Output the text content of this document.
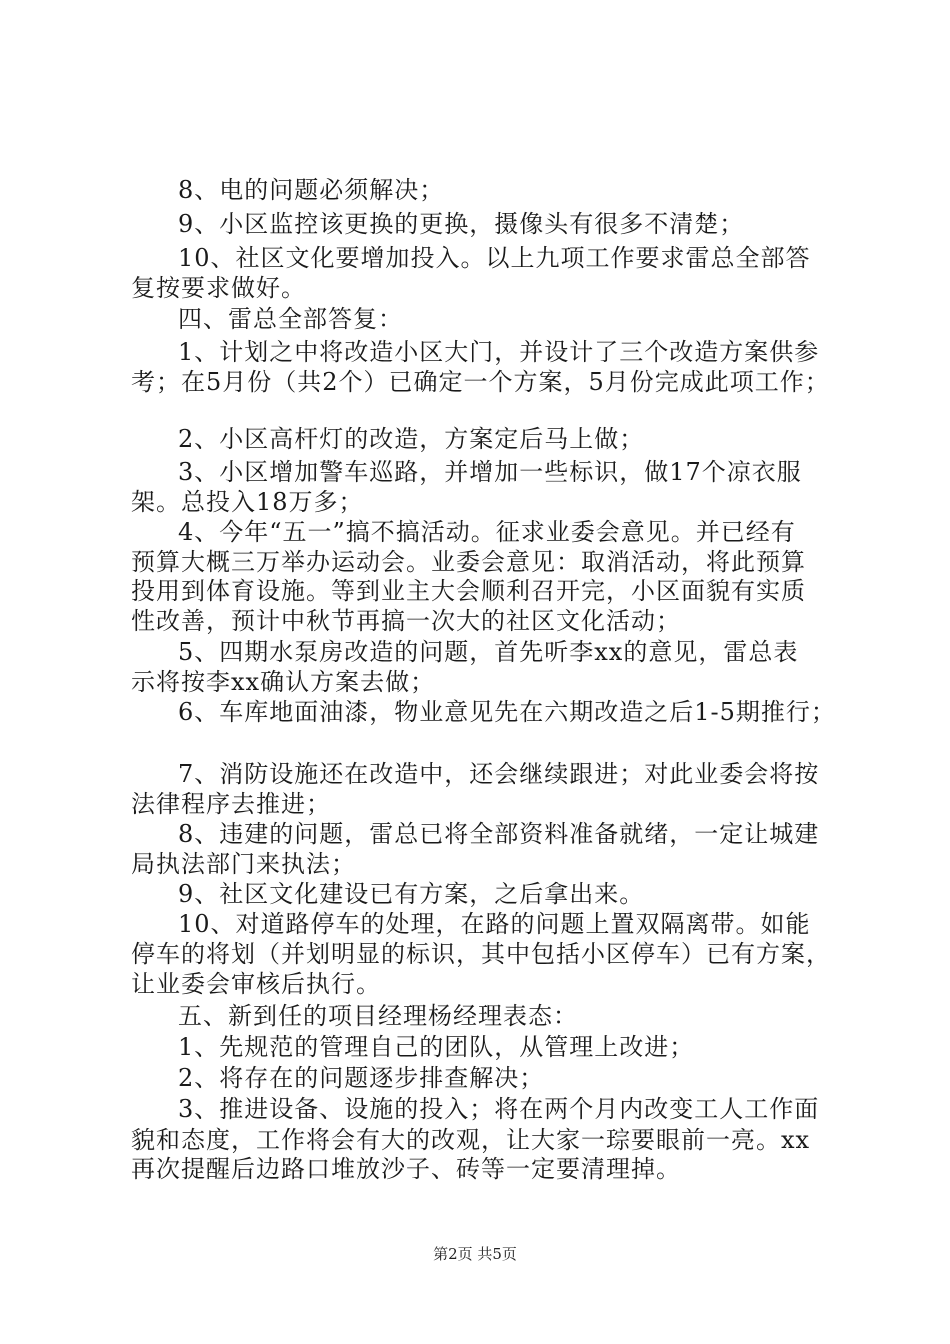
8、电的问题必须解决；

9、小区监控该更换的更换，摄像头有很多不清楚；

10、社区文化要增加投入。以上九项工作要求雷总全部答

复按要求做好。

四、雷总全部答复：

1、计划之中将改造小区大门，并设计了三个改造方案供参

考；在5月份（共2个）已确定一个方案，5月份完成此项工作；

2、小区高杆灯的改造，方案定后马上做；

3、小区增加警车巡路，并增加一些标识，做17个凉衣服

架。总投入18万多；

4、今年“五一”搞不搞活动。征求业委会意见。并已经有

预算大概三万举办运动会。业委会意见：取消活动，将此预算

投用到体育设施。等到业主大会顺利召开完，小区面貌有实质

性改善，预计中秋节再搞一次大的社区文化活动；

5、四期水泵房改造的问题，首先听李xx的意见，雷总表

示将按李xx确认方案去做；

6、车库地面油漆，物业意见先在六期改造之后1-5期推行；

7、消防设施还在改造中，还会继续跟进；对此业委会将按

法律程序去推进；

8、违建的问题，雷总已将全部资料准备就绪，一定让城建

局执法部门来执法；

9、社区文化建设已有方案，之后拿出来。

10、对道路停车的处理，在路的问题上置双隔离带。如能

停车的将划（并划明显的标识，其中包括小区停车）已有方案，

让业委会审核后执行。

五、新到任的项目经理杨经理表态：

1、先规范的管理自己的团队，从管理上改进；

2、将存在的问题逐步排查解决；

3、推进设备、设施的投入；将在两个月内改变工人工作面

貌和态度，工作将会有大的改观，让大家一琮要眼前一亮。xx

再次提醒后边路口堆放沙子、砖等一定要清理掉。

第2页 共5页
